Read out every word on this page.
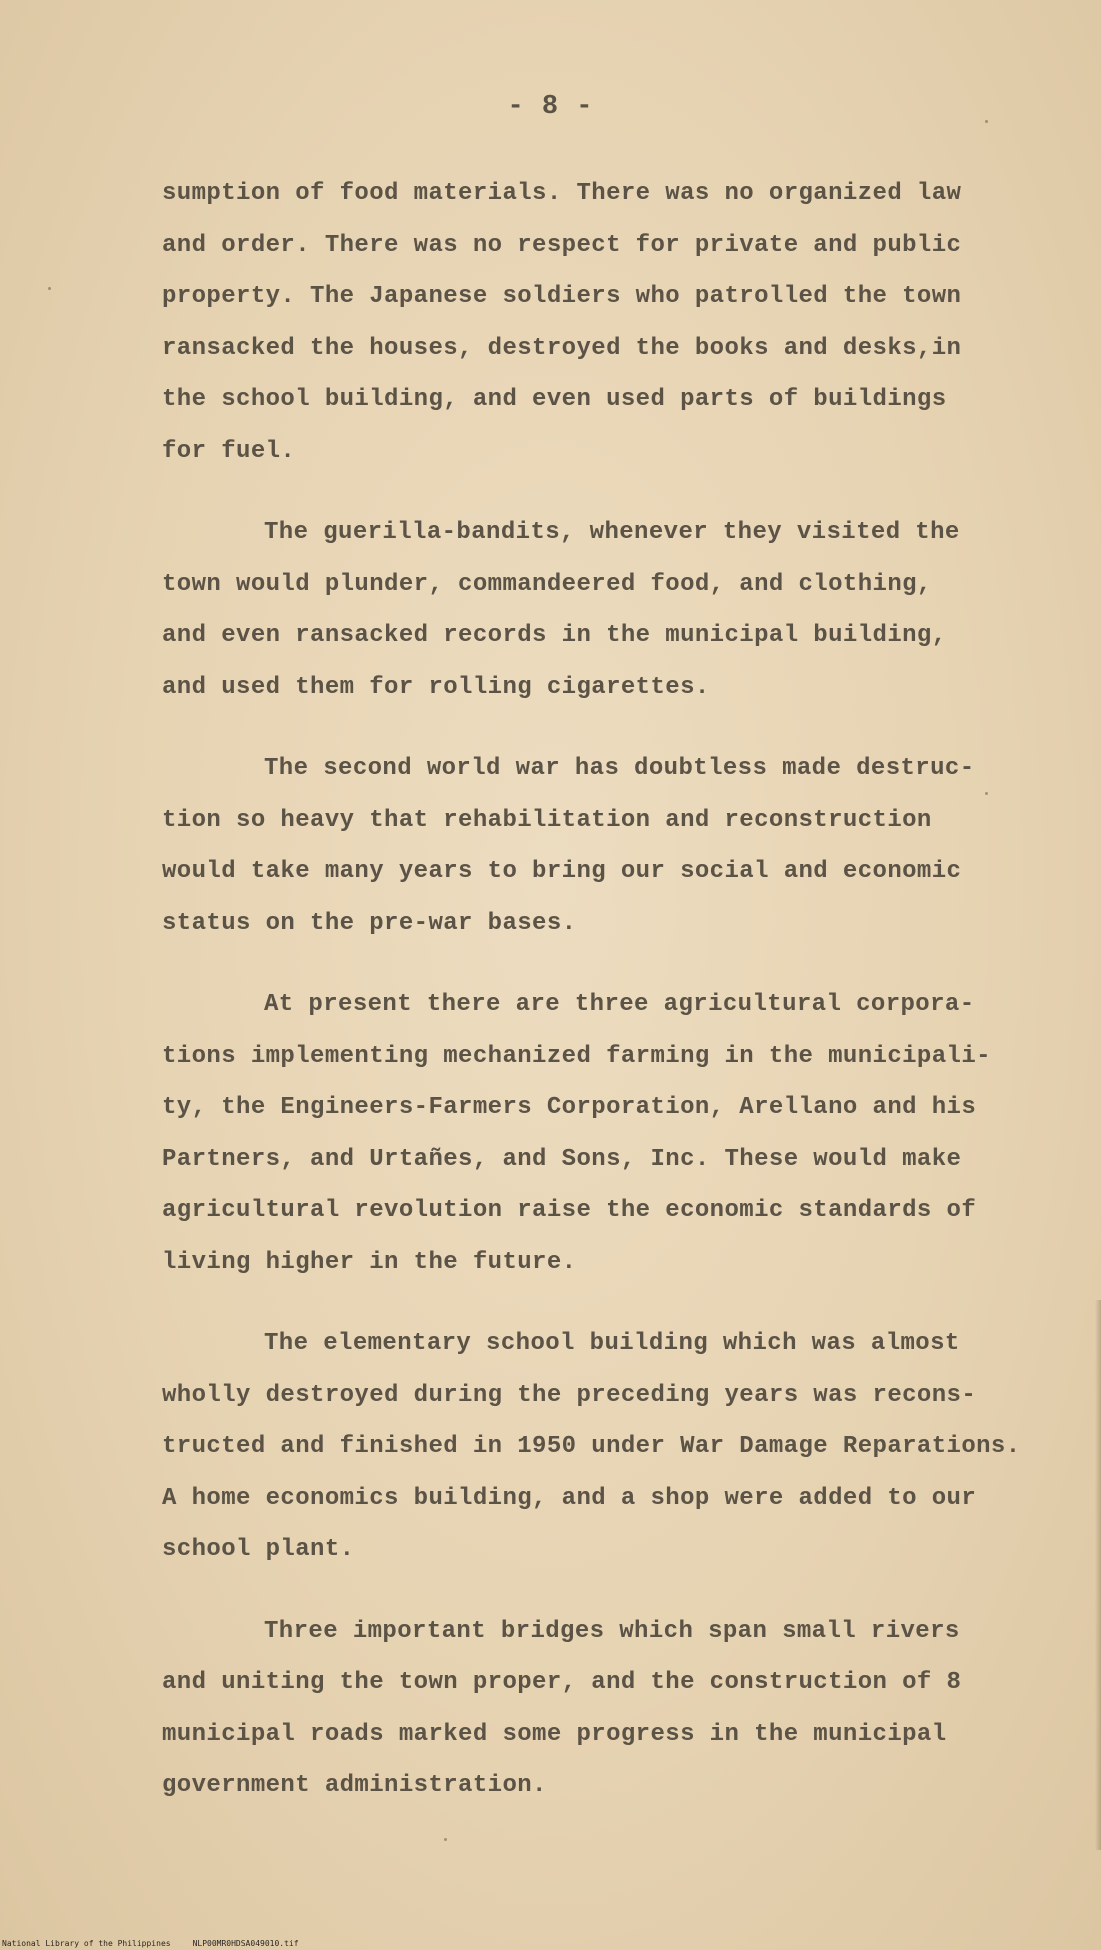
- 8 -
sumption of food materials. There was no organized law
and order. There was no respect for private and public
property. The Japanese soldiers who patrolled the town
ransacked the houses, destroyed the books and desks,in
the school building, and even used parts of buildings
for fuel.
The guerilla-bandits, whenever they visited the
town would plunder, commandeered food, and clothing,
and even ransacked records in the municipal building,
and used them for rolling cigarettes.
The second world war has doubtless made destruc-
tion so heavy that rehabilitation and reconstruction
would take many years to bring our social and economic
status on the pre-war bases.
At present there are three agricultural corpora-
tions implementing mechanized farming in the municipali-
ty, the Engineers-Farmers Corporation, Arellano and his
Partners, and Urtañes, and Sons, Inc. These would make
agricultural revolution raise the economic standards of
living higher in the future.
The elementary school building which was almost
wholly destroyed during the preceding years was recons-
tructed and finished in 1950 under War Damage Reparations.
A home economics building, and a shop were added to our
school plant.
Three important bridges which span small rivers
and uniting the town proper, and the construction of 8
municipal roads marked some progress in the municipal
government administration.
National Library of the Philippines	NLP00MR0HDSA049010.tif
